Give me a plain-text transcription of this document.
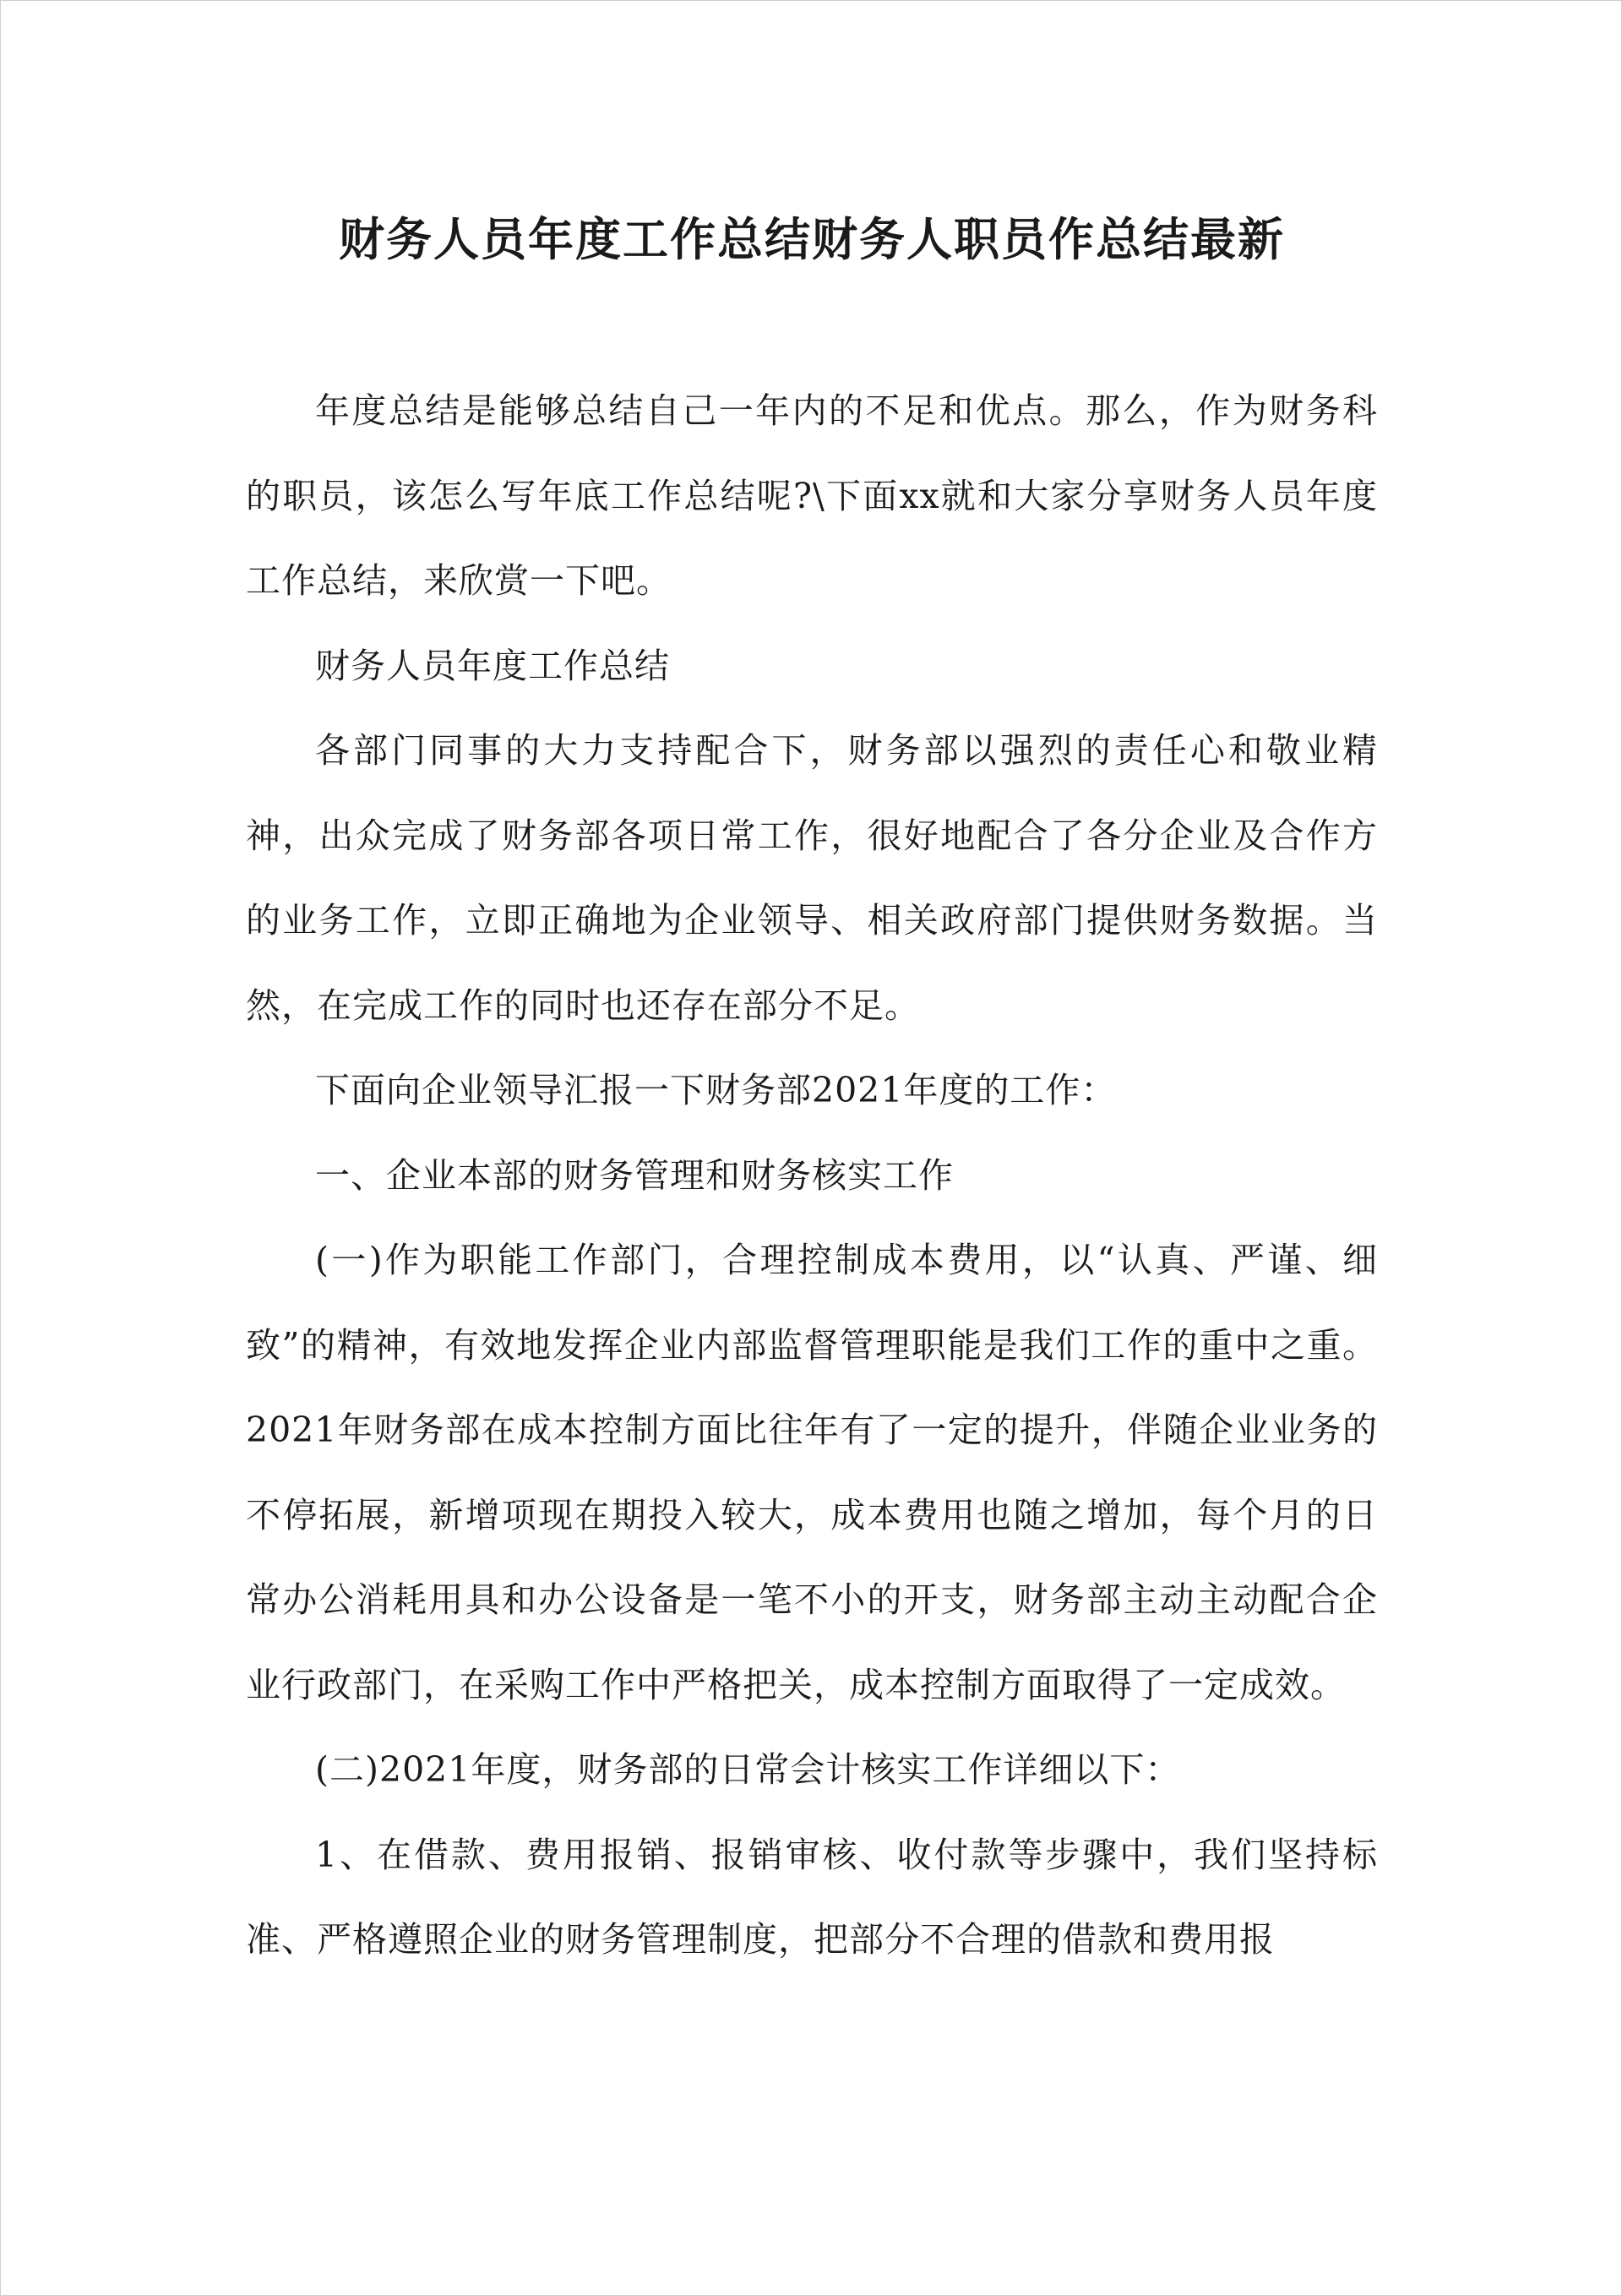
财务人员年度工作总结财务人职员作总结最新

年度总结是能够总结自己一年内的不足和优点。那么，作为财务科的职员，该怎么写年底工作总结呢?\下面xx就和大家分享财务人员年度工作总结，来欣赏一下吧。

财务人员年度工作总结

各部门同事的大力支持配合下，财务部以强烈的责任心和敬业精神，出众完成了财务部各项日常工作，很好地配合了各分企业及合作方的业务工作，立即正确地为企业领导、相关政府部门提供财务数据。当然，在完成工作的同时也还存在部分不足。

下面向企业领导汇报一下财务部2021年度的工作：

一、企业本部的财务管理和财务核实工作

(一)作为职能工作部门，合理控制成本费用，以“认真、严谨、细致”的精神，有效地发挥企业内部监督管理职能是我们工作的重中之重。2021年财务部在成本控制方面比往年有了一定的提升，伴随企业业务的不停拓展，新增项现在期投入较大，成本费用也随之增加，每个月的日常办公消耗用具和办公设备是一笔不小的开支，财务部主动主动配合企业行政部门，在采购工作中严格把关，成本控制方面取得了一定成效。

(二)2021年度，财务部的日常会计核实工作详细以下：

1、在借款、费用报销、报销审核、收付款等步骤中，我们坚持标准、严格遵照企业的财务管理制度，把部分不合理的借款和费用报
